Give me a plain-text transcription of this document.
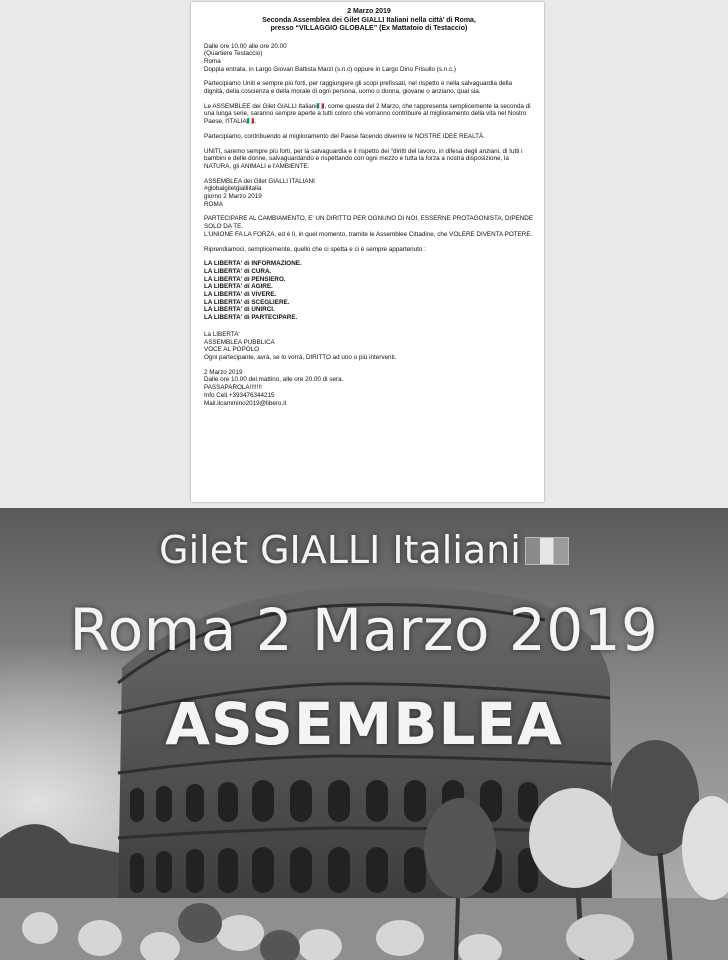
2 Marzo 2019
Seconda Assemblea dei Gilet GIALLI Italiani nella città' di Roma,
presso “VILLAGGIO GLOBALE” (Ex Mattatoio di Testaccio)
Dalle ore 10.00 alle ore 20.00
(Quartiere Testaccio)
Roma
Doppia entrata, in Largo Giovan Battista Marzi (s.n.c) oppure in Largo Dino Frisullo (s.n.c.)
Partecipiamo Uniti e sempre più forti, per raggiungere gli scopi prefissati, nel rispetto e nella salvaguardia della dignità, della coscienza e della morale di ogni persona, uomo o donna, giovane o anziano, qual sia.
Le ASSEMBLEE dei Gilet GIALLI Italiani🇮🇹, come questa del 2 Marzo, che rappresenta semplicemente la seconda di una lunga serie, saranno sempre aperte a tutti coloro che vorranno contribuire al miglioramento della vita nel Nostro Paese, l'ITALIA🇮🇹.
Partecipiamo, contribuendo al miglioramento del Paese facendo divenire le NOSTRE IDEE REALTÀ.
UNITI, saremo sempre più forti, per la salvaguardia e il rispetto dei “diritti del lavoro, in difesa degli anziani, di tutti i bambini e delle donne, salvaguardando e rispettando con ogni mezzo e tutta la forza a nostra disposizione, la NATURA, gli ANIMALI e l'AMBIENTE.
ASSEMBLEA dei Gilet GIALLI ITALIANI
#globalgiletgialliitalia
giorno 2 Marzo 2019
ROMA
PARTECIPARE AL CAMBIAMENTO, E' UN DIRITTO PER OGNUNO DI NOI, ESSERNE PROTAGONISTA, DIPENDE SOLO DA TE.
L'UNIONE FA LA FORZA, ed è lì, in quel momento, tramite le Assemblee Cittadine, che VOLERE DIVENTA POTERE.
Riprendiamoci, semplicemente, quello che ci spetta e ci è sempre appartenuto :
LA LIBERTA' di INFORMAZIONE.
LA LIBERTA' di CURA.
LA LIBERTA' di PENSIERO.
LA LIBERTA' di AGIRE.
LA LIBERTA' di VIVERE.
LA LIBERTA' di SCEGLIERE.
LA LIBERTA' di UNIRCI.
LA LIBERTA' di PARTECIPARE.
La LIBERTA'
ASSEMBLEA PUBBLICA
VOCE AL POPOLO
Ogni partecipante, avrà, se lo vorrà, DIRITTO ad uno o più interventi.
2 Marzo 2019
Dalle ore 10.00 del mattino, alle ore 20.00 di sera.
PASSAPAROLA!!!!!!!
Info Cell.+393476344215
Mail.ilcammino2019@libero.it
Gilet GIALLI Italiani
Roma 2 Marzo 2019
ASSEMBLEA
